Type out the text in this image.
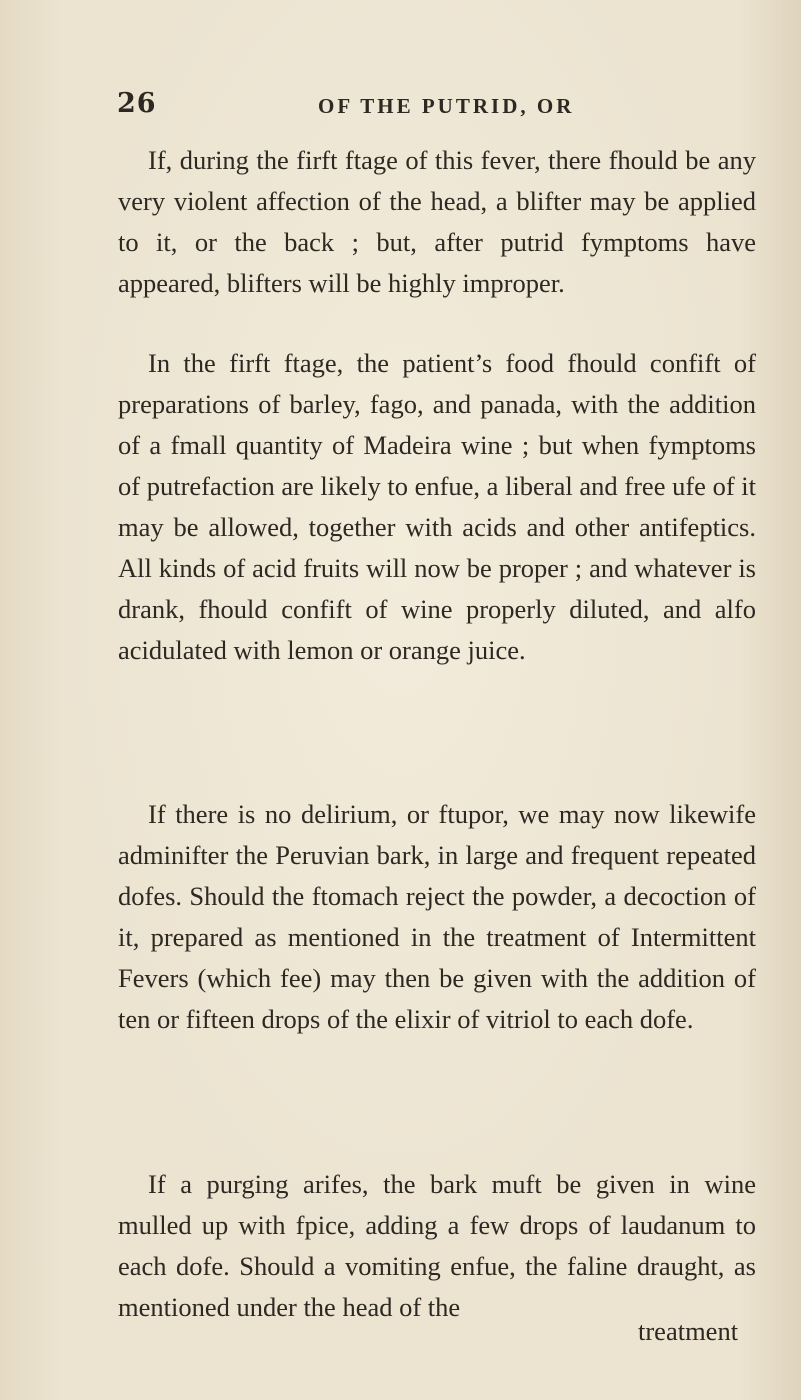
26	OF THE PUTRID, OR

If, during the firft ftage of this fever, there fhould be any very violent affection of the head, a blifter may be applied to it, or the back ; but, after putrid fymptoms have appeared, blifters will be highly improper.

In the firft ftage, the patient’s food fhould confift of preparations of barley, fago, and panada, with the addition of a fmall quantity of Madeira wine ; but when fymptoms of putrefaction are likely to enfue, a liberal and free ufe of it may be allowed, together with acids and other antifeptics. All kinds of acid fruits will now be proper ; and whatever is drank, fhould confift of wine properly diluted, and alfo acidulated with lemon or orange juice.

If there is no delirium, or ftupor, we may now likewife adminifter the Peruvian bark, in large and frequent repeated dofes. Should the ftomach reject the powder, a decoction of it, prepared as mentioned in the treatment of Intermittent Fevers (which fee) may then be given with the addition of ten or fifteen drops of the elixir of vitriol to each dofe.

If a purging arifes, the bark muft be given in wine mulled up with fpice, adding a few drops of laudanum to each dofe. Should a vomiting enfue, the faline draught, as mentioned under the head of the

treatment
